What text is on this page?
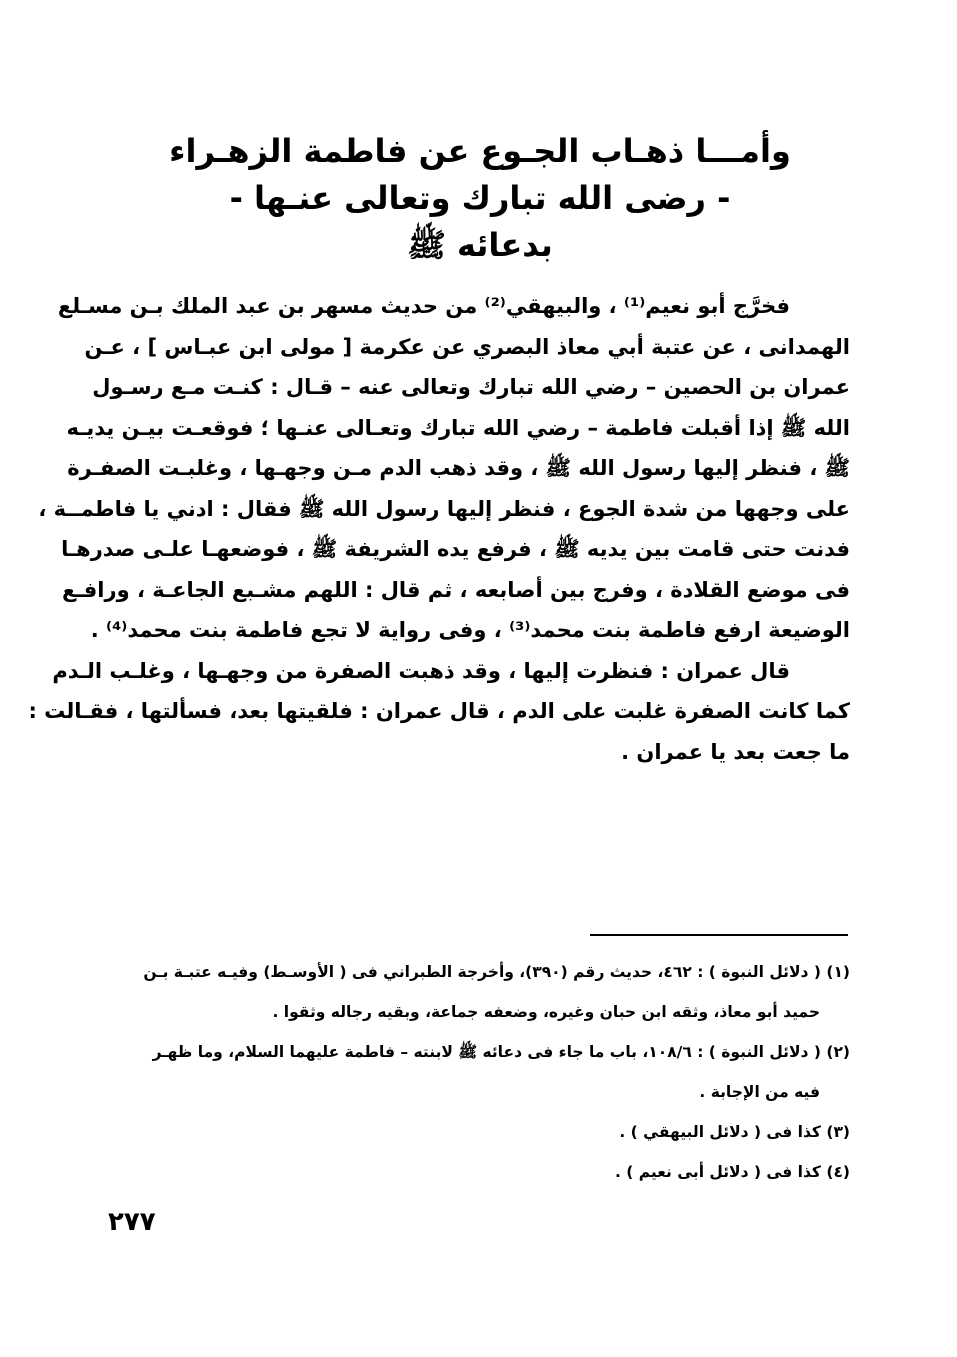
وأمـــا ذهـاب الجـوع عن فاطمة الزهـراء
- رضى الله تبارك وتعالى عنـها -
بدعائه ﷺ

فخرَّج أبو نعيم⁽¹⁾ ، والبيهقي⁽²⁾ من حديث مسهر بن عبد الملك بـن مسـلع
الهمدانى ، عن عتبة أبي معاذ البصري عن عكرمة [ مولى ابن عبـاس ] ، عـن
عمران بن الحصين – رضي الله تبارك وتعالى عنه – قـال : كنـت مـع رسـول
الله ﷺ إذا أقبلت فاطمة – رضي الله تبارك وتعـالى عنـها ؛ فوقعـت بيـن يديـه
ﷺ ، فنظر إليها رسول الله ﷺ ، وقد ذهب الدم مـن وجهـها ، وغلبـت الصفـرة
على وجهها من شدة الجوع ، فنظر إليها رسول الله ﷺ فقال : ادني يا فاطمــة ،
فدنت حتى قامت بين يديه ﷺ ، فرفع يده الشريفة ﷺ ، فوضعهـا علـى صدرهـا
فى موضع القلادة ، وفرج بين أصابعه ، ثم قال : اللهم مشـبع الجاعـة ، ورافـع
الوضيعة ارفع فاطمة بنت محمد⁽³⁾ ، وفى رواية لا تجع فاطمة بنت محمد⁽⁴⁾ .

قال عمران : فنظرت إليها ، وقد ذهبت الصفرة من وجهـها ، وغلـب الـدم
كما كانت الصفرة غلبت على الدم ، قال عمران : فلقيتها بعد، فسألتها ، فقـالت :
ما جعت بعد يا عمران .

(١) ( دلائل النبوة ) : ٤٦٢، حديث رقم (٣٩٠)، وأخرجة الطبراني فى ( الأوسـط) وفيـه عتبـة بـن
حميد أبو معاذ، وثقه ابن حبان وغيره، وضعفه جماعة، وبقيه رجاله وثقوا .
(٢) ( دلائل النبوة ) : ١٠٨/٦، باب ما جاء فى دعائه ﷺ لابنته – فاطمة عليهما السلام، وما ظهـر
فيه من الإجابة .
(٣) كذا فى ( دلائل البيهقي ) .
(٤) كذا فى ( دلائل أبى نعيم ) .
٢٧٧
